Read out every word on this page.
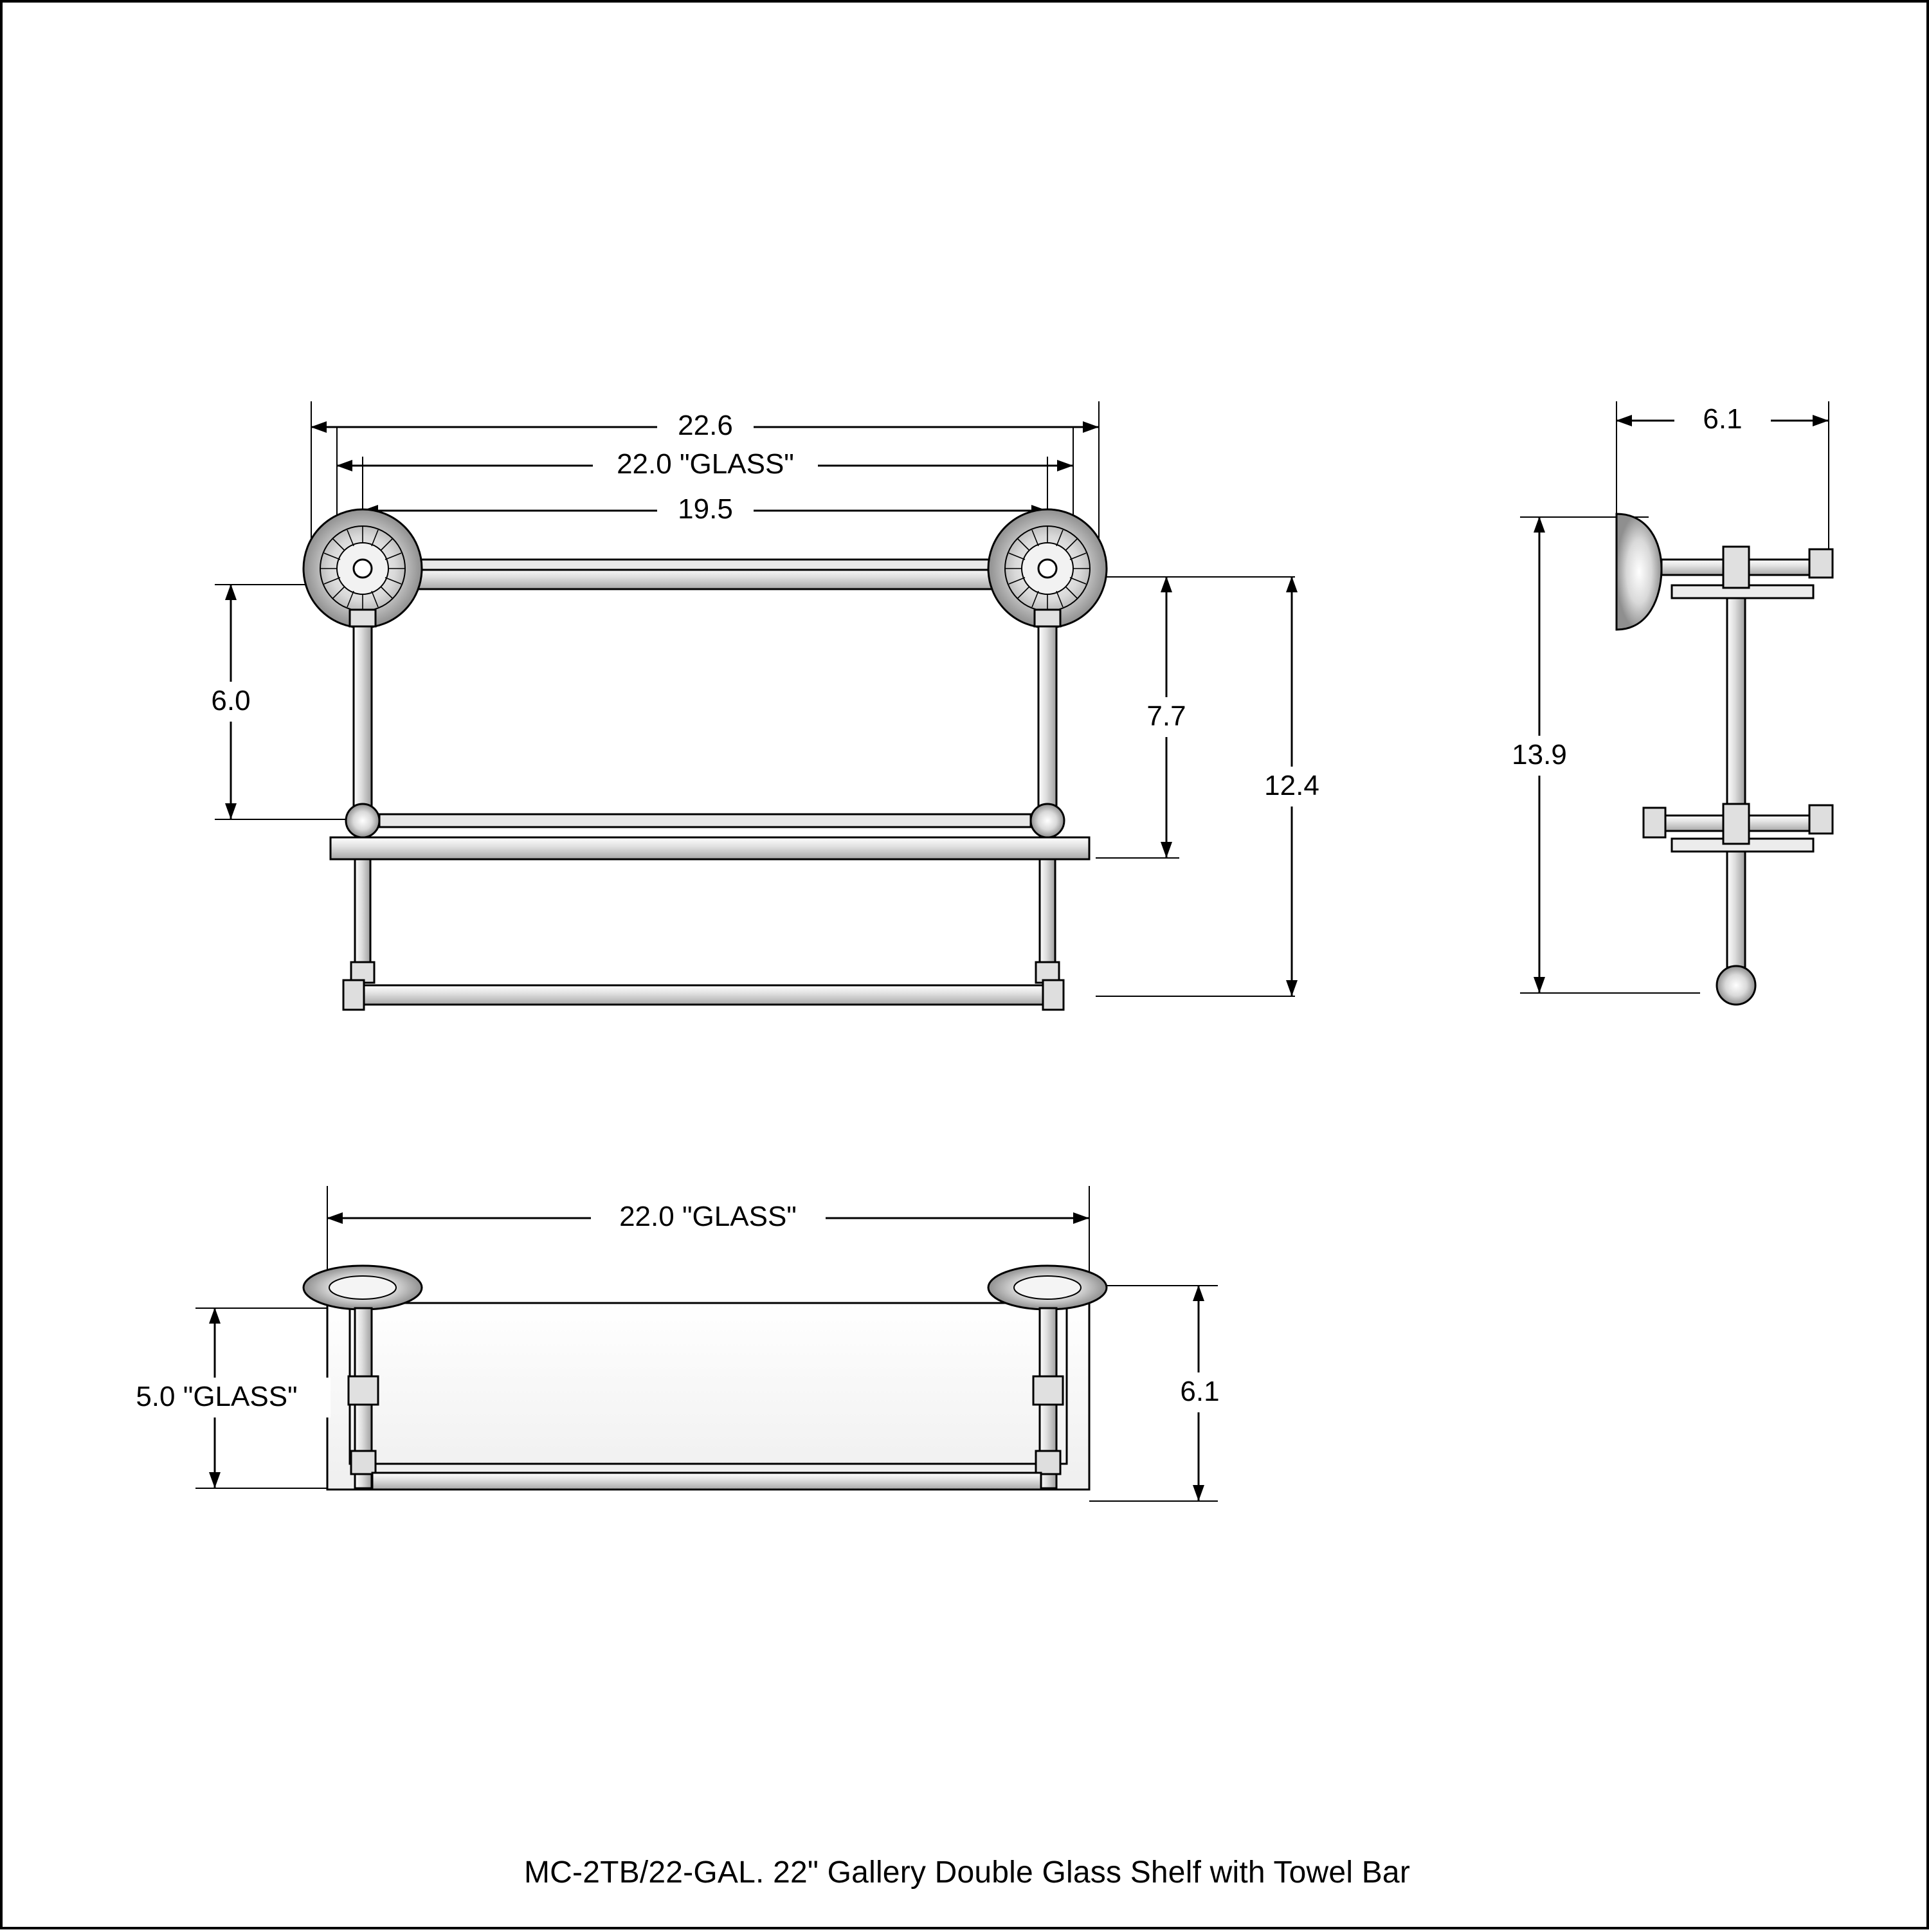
22.6
22.0 "GLASS"
19.5
6.0	7.7
12.4
6.1
13.9
22.0 "GLASS"
5.0 "GLASS"	6.1
MC-2TB/22-GAL. 22" Gallery Double Glass Shelf with Towel Bar
